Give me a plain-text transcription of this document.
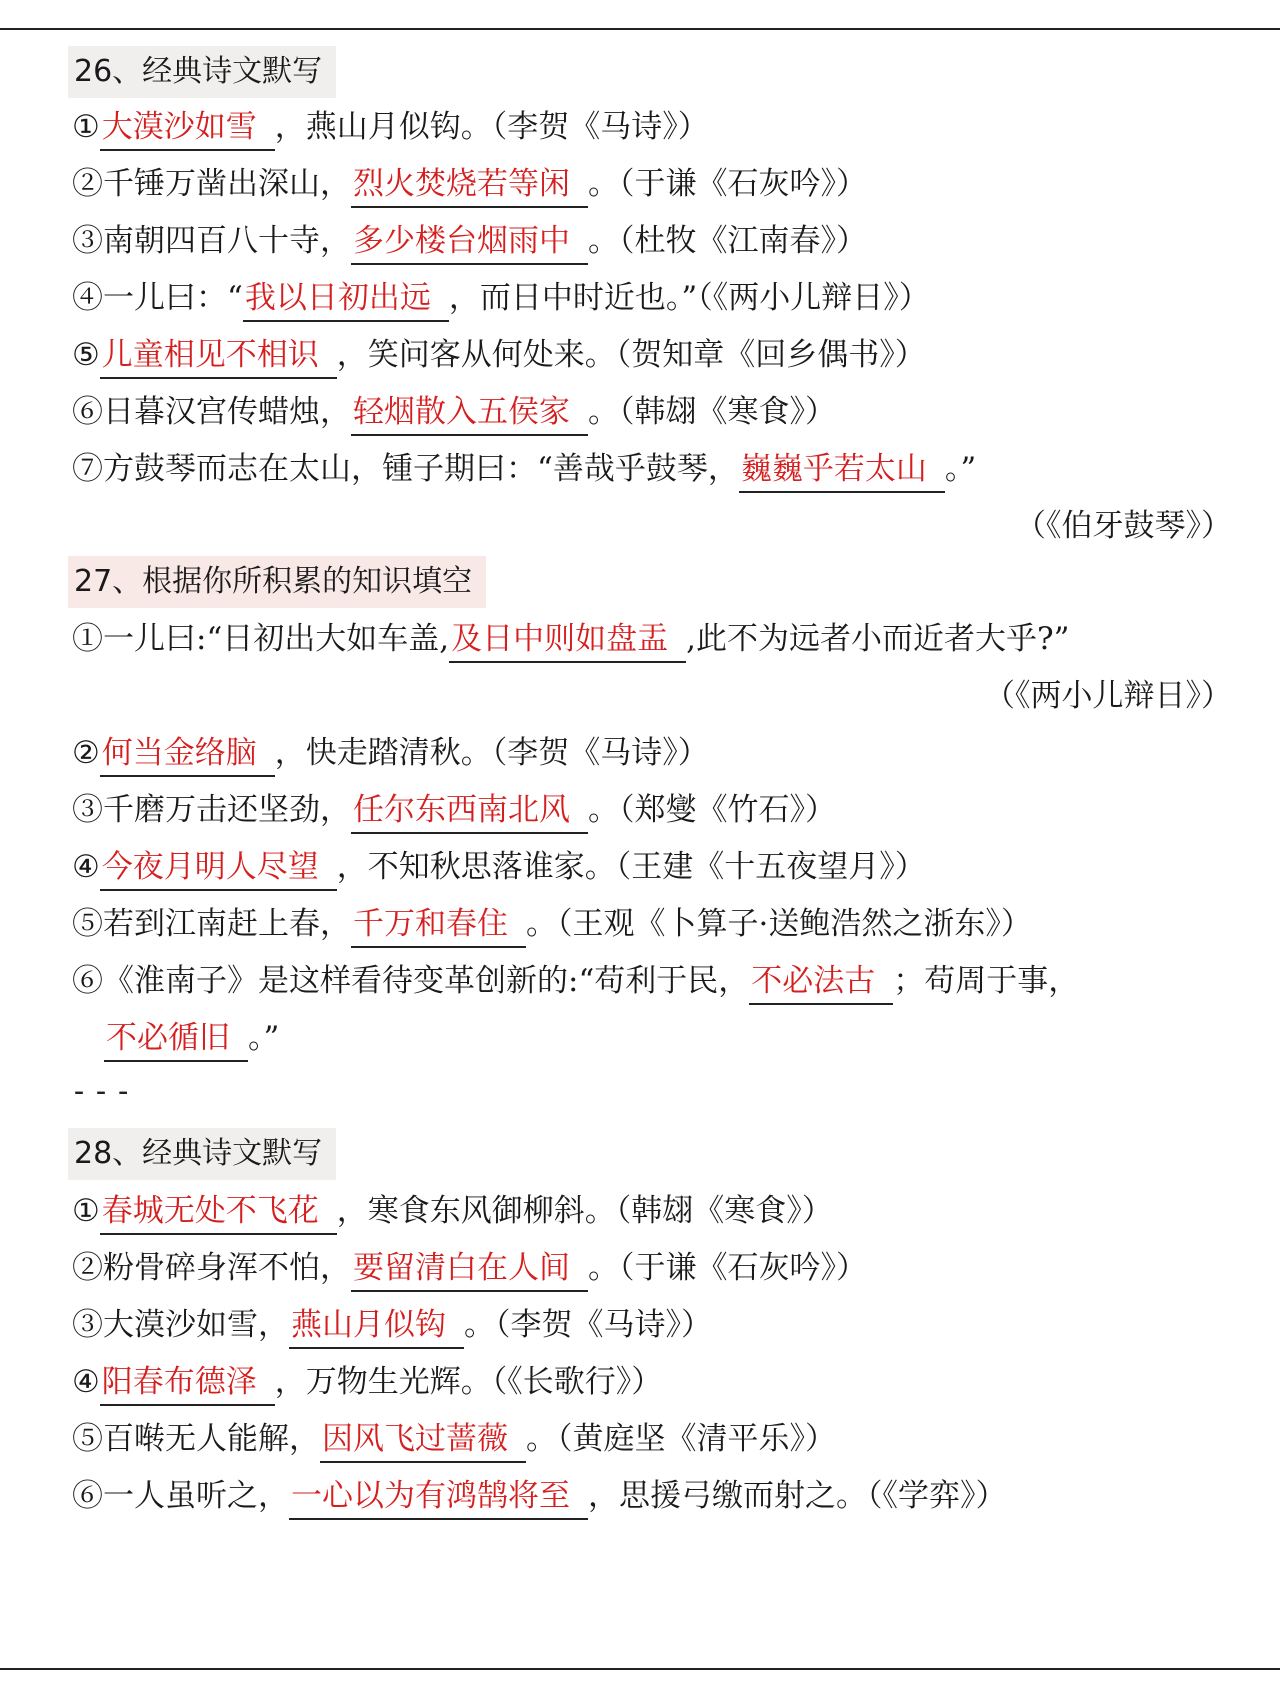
26、经典诗文默写
①大漠沙如雪 ，燕山月似钩。（李贺《马诗》）
②千锤万凿出深山，烈火焚烧若等闲 。（于谦《石灰吟》）
③南朝四百八十寺，多少楼台烟雨中 。（杜牧《江南春》）
④一儿曰：“我以日初出远 ，而日中时近也。”（《两小儿辩日》）
⑤儿童相见不相识 ，笑问客从何处来。（贺知章《回乡偶书》）
⑥日暮汉宫传蜡烛，轻烟散入五侯家 。（韩翃《寒食》）
⑦方鼓琴而志在太山，锺子期曰：“善哉乎鼓琴，巍巍乎若太山 。”
（《伯牙鼓琴》）
27、根据你所积累的知识填空
①一儿曰:“日初出大如车盖,及日中则如盘盂 ,此不为远者小而近者大乎?”
（《两小儿辩日》）
②何当金络脑 ，快走踏清秋。（李贺《马诗》）
③千磨万击还坚劲，任尔东西南北风 。（郑燮《竹石》）
④今夜月明人尽望 ，不知秋思落谁家。（王建《十五夜望月》）
⑤若到江南赶上春，千万和春住 。（王观《卜算子·送鲍浩然之浙东》）
⑥《淮南子》是这样看待变革创新的:“苟利于民，不必法古 ；苟周于事，
不必循旧 。”
---
28、经典诗文默写
①春城无处不飞花 ，寒食东风御柳斜。（韩翃《寒食》）
②粉骨碎身浑不怕，要留清白在人间 。（于谦《石灰吟》）
③大漠沙如雪，燕山月似钩 。（李贺《马诗》）
④阳春布德泽 ，万物生光辉。（《长歌行》）
⑤百啭无人能解，因风飞过蔷薇 。（黄庭坚《清平乐》）
⑥一人虽听之，一心以为有鸿鹄将至 ，思援弓缴而射之。（《学弈》）
